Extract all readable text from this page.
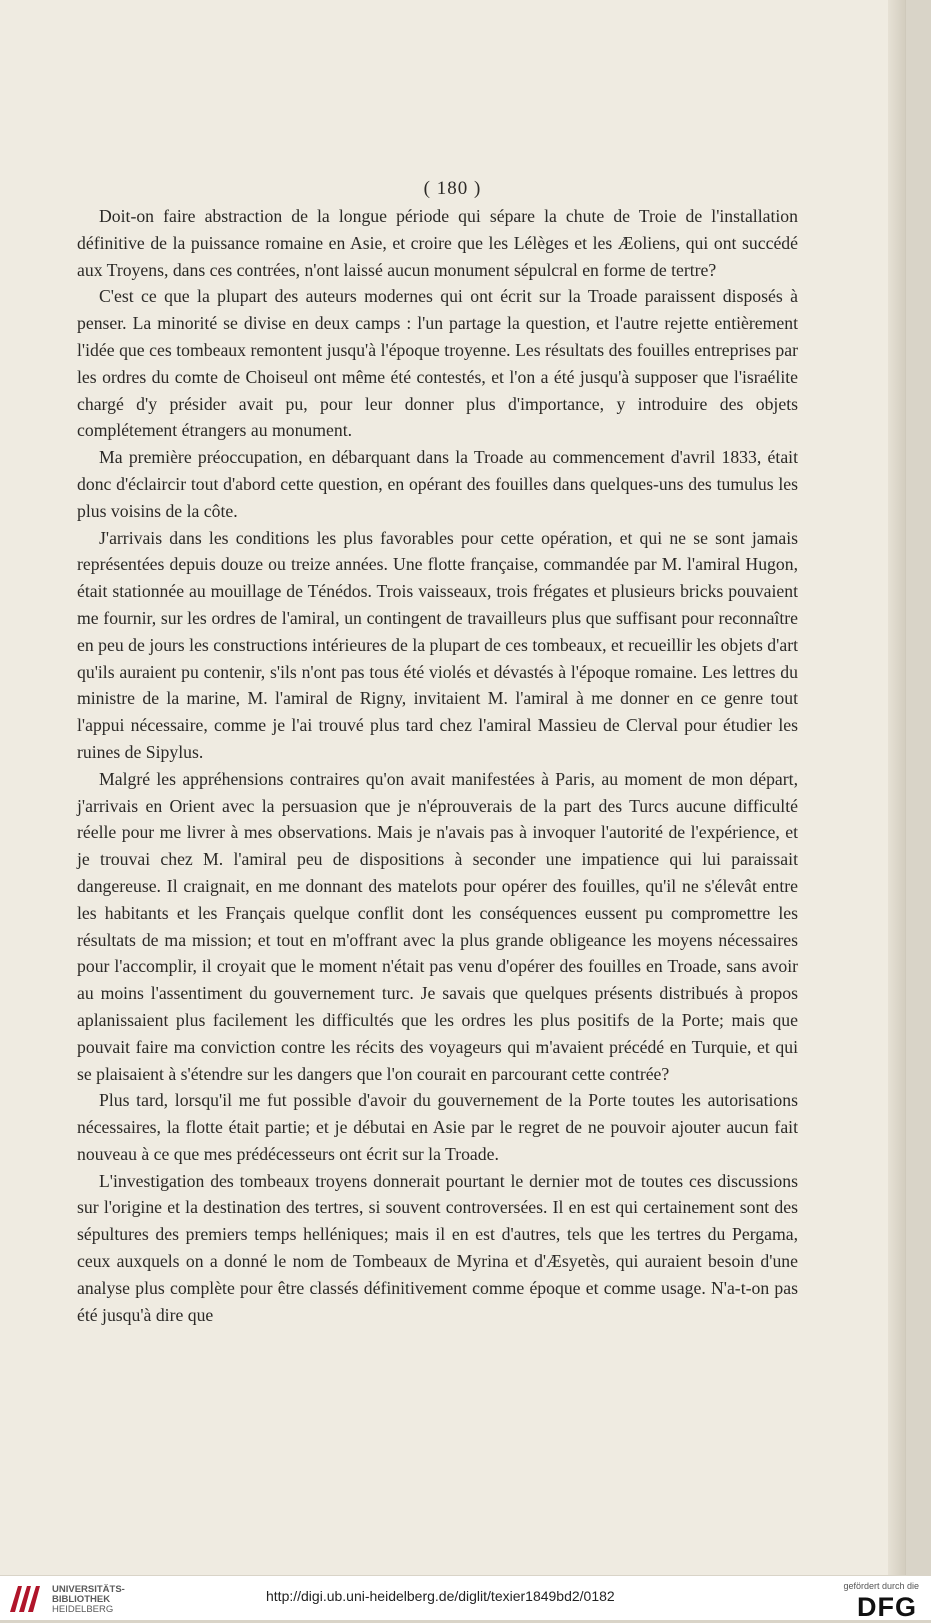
( 180 )

Doit-on faire abstraction de la longue période qui sépare la chute de Troie de l'installation définitive de la puissance romaine en Asie, et croire que les Lélèges et les Æoliens, qui ont succédé aux Troyens, dans ces contrées, n'ont laissé aucun monument sépulcral en forme de tertre?

C'est ce que la plupart des auteurs modernes qui ont écrit sur la Troade paraissent disposés à penser. La minorité se divise en deux camps : l'un partage la question, et l'autre rejette entièrement l'idée que ces tombeaux remontent jusqu'à l'époque troyenne. Les résultats des fouilles entreprises par les ordres du comte de Choiseul ont même été contestés, et l'on a été jusqu'à supposer que l'israélite chargé d'y présider avait pu, pour leur donner plus d'importance, y introduire des objets complétement étrangers au monument.

Ma première préoccupation, en débarquant dans la Troade au commencement d'avril 1833, était donc d'éclaircir tout d'abord cette question, en opérant des fouilles dans quelques-uns des tumulus les plus voisins de la côte.

J'arrivais dans les conditions les plus favorables pour cette opération, et qui ne se sont jamais représentées depuis douze ou treize années. Une flotte française, commandée par M. l'amiral Hugon, était stationnée au mouillage de Ténédos. Trois vaisseaux, trois frégates et plusieurs bricks pouvaient me fournir, sur les ordres de l'amiral, un contingent de travailleurs plus que suffisant pour reconnaître en peu de jours les constructions intérieures de la plupart de ces tombeaux, et recueillir les objets d'art qu'ils auraient pu contenir, s'ils n'ont pas tous été violés et dévastés à l'époque romaine. Les lettres du ministre de la marine, M. l'amiral de Rigny, invitaient M. l'amiral à me donner en ce genre tout l'appui nécessaire, comme je l'ai trouvé plus tard chez l'amiral Massieu de Clerval pour étudier les ruines de Sipylus.

Malgré les appréhensions contraires qu'on avait manifestées à Paris, au moment de mon départ, j'arrivais en Orient avec la persuasion que je n'éprouverais de la part des Turcs aucune difficulté réelle pour me livrer à mes observations. Mais je n'avais pas à invoquer l'autorité de l'expérience, et je trouvai chez M. l'amiral peu de dispositions à seconder une impatience qui lui paraissait dangereuse. Il craignait, en me donnant des matelots pour opérer des fouilles, qu'il ne s'élevât entre les habitants et les Français quelque conflit dont les conséquences eussent pu compromettre les résultats de ma mission; et tout en m'offrant avec la plus grande obligeance les moyens nécessaires pour l'accomplir, il croyait que le moment n'était pas venu d'opérer des fouilles en Troade, sans avoir au moins l'assentiment du gouvernement turc. Je savais que quelques présents distribués à propos aplanissaient plus facilement les difficultés que les ordres les plus positifs de la Porte; mais que pouvait faire ma conviction contre les récits des voyageurs qui m'avaient précédé en Turquie, et qui se plaisaient à s'étendre sur les dangers que l'on courait en parcourant cette contrée?

Plus tard, lorsqu'il me fut possible d'avoir du gouvernement de la Porte toutes les autorisations nécessaires, la flotte était partie; et je débutai en Asie par le regret de ne pouvoir ajouter aucun fait nouveau à ce que mes prédécesseurs ont écrit sur la Troade.

L'investigation des tombeaux troyens donnerait pourtant le dernier mot de toutes ces discussions sur l'origine et la destination des tertres, si souvent controversées. Il en est qui certainement sont des sépultures des premiers temps helléniques; mais il en est d'autres, tels que les tertres du Pergama, ceux auxquels on a donné le nom de Tombeaux de Myrina et d'Æsyetès, qui auraient besoin d'une analyse plus complète pour être classés définitivement comme époque et comme usage. N'a-t-on pas été jusqu'à dire que

UNIVERSITÄTS-
BIBLIOTHEK
HEIDELBERG
http://digi.ub.uni-heidelberg.de/diglit/texier1849bd2/0182
gefördert durch die
DFG
